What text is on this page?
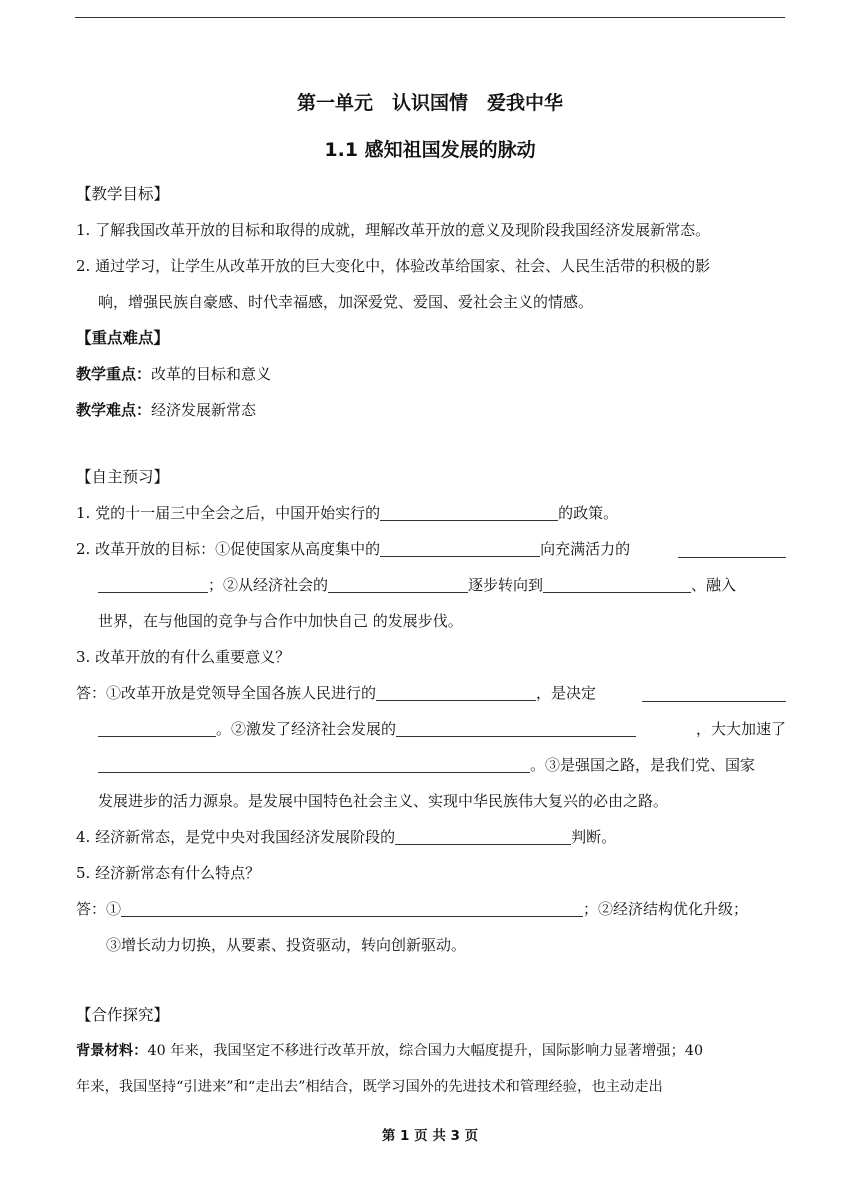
第一单元　认识国情　爱我中华
1.1 感知祖国发展的脉动
【教学目标】
1. 了解我国改革开放的目标和取得的成就，理解改革开放的意义及现阶段我国经济发展新常态。
2. 通过学习，让学生从改革开放的巨大变化中，体验改革给国家、社会、人民生活带的积极的影
响，增强民族自豪感、时代幸福感，加深爱党、爱国、爱社会主义的情感。
【重点难点】
教学重点：改革的目标和意义
教学难点：经济发展新常态
【自主预习】
1. 党的十一届三中全会之后，中国开始实行的	的政策。
2. 改革开放的目标：①促使国家从高度集中的	向充满活力的
；②从经济社会的	逐步转向到	、融入
世界，在与他国的竞争与合作中加快自己 的发展步伐。
3. 改革开放的有什么重要意义？
答：①改革开放是党领导全国各族人民进行的	，是决定
。②激发了经济社会发展的	，大大加速了
。③是强国之路，是我们党、国家
发展进步的活力源泉。是发展中国特色社会主义、实现中华民族伟大复兴的必由之路。
4. 经济新常态，是党中央对我国经济发展阶段的	判断。
5. 经济新常态有什么特点？
答：①	；②经济结构优化升级；
③增长动力切换，从要素、投资驱动，转向创新驱动。
【合作探究】
背景材料：40 年来，我国坚定不移进行改革开放，综合国力大幅度提升，国际影响力显著增强；40
年来，我国坚持“引进来”和“走出去”相结合，既学习国外的先进技术和管理经验，也主动走出
第 1 页 共 3 页
